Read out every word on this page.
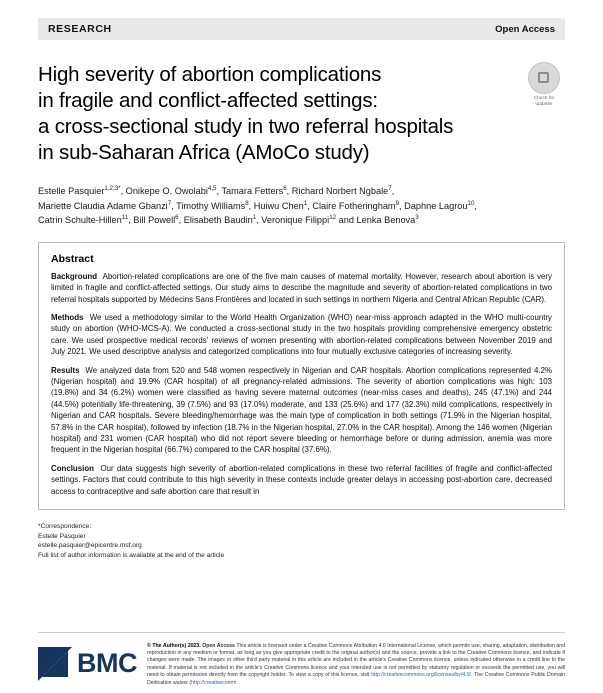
RESEARCH	Open Access
Check for
updates
High severity of abortion complications
in fragile and conflict-affected settings:
a cross-sectional study in two referral hospitals
in sub-Saharan Africa (AMoCo study)
Estelle Pasquier$^{1,2,3*}$, Onikepe O. Owolabi$^{4,5}$, Tamara Fetters$^6$, Richard Norbert Ngbale$^7$,
Mariette Claudia Adame Gbanzi$^7$, Timothy Williams$^8$, Huiwu Chen$^1$, Claire Fotheringham$^9$, Daphne Lagrou$^{10}$,
Catrin Schulte-Hillen$^{11}$, Bill Powell$^6$, Elisabeth Baudin$^1$, Veronique Filippi$^{12}$ and Lenka Benova$^3$
Abstract

Background  Abortion-related complications are one of the five main causes of maternal mortality. However, research about abortion is very limited in fragile and conflict-affected settings. Our study aims to describe the magnitude and severity of abortion-related complications in two referral hospitals supported by Médecins Sans Frontières and located in such settings in northern Nigeria and Central African Republic (CAR).

Methods  We used a methodology similar to the World Health Organization (WHO) near-miss approach adapted in the WHO multi-country study on abortion (WHO-MCS-A). We conducted a cross-sectional study in the two hospitals providing comprehensive emergency obstetric care. We used prospective medical records' reviews of women presenting with abortion-related complications between November 2019 and July 2021. We used descriptive analysis and categorized complications into four mutually exclusive categories of increasing severity.

Results  We analyzed data from 520 and 548 women respectively in Nigerian and CAR hospitals. Abortion complications represented 4.2% (Nigerian hospital) and 19.9% (CAR hospital) of all pregnancy-related admissions. The severity of abortion complications was high: 103 (19.8%) and 34 (6.2%) women were classified as having severe maternal outcomes (near-miss cases and deaths), 245 (47.1%) and 244 (44.5%) potentially life-threatening, 39 (7.5%) and 93 (17.0%) moderate, and 133 (25.6%) and 177 (32.3%) mild complications, respectively in Nigerian and CAR hospitals. Severe bleeding/hemorrhage was the main type of complication in both settings (71.9% in the Nigerian hospital, 57.8% in the CAR hospital), followed by infection (18.7% in the Nigerian hospital, 27.0% in the CAR hospital). Among the 146 women (Nigerian hospital) and 231 women (CAR hospital) who did not report severe bleeding or hemorrhage before or during admission, anemia was more frequent in the Nigerian hospital (66.7%) compared to the CAR hospital (37.6%).

Conclusion  Our data suggests high severity of abortion-related complications in these two referral facilities of fragile and conflict-affected settings. Factors that could contribute to this high severity in these contexts include greater delays in accessing post-abortion care, decreased access to contraceptive and safe abortion care that result in

*Correspondence:
Estelle Pasquier
estelle.pasquier@epicentre.msf.org
Full list of author information is available at the end of the article
BMC
© The Author(s) 2023. Open Access This article is licensed under a Creative Commons Attribution 4.0 International License, which permits use, sharing, adaptation, distribution and reproduction in any medium or format, as long as you give appropriate credit to the original author(s) and the source, provide a link to the Creative Commons licence, and indicate if changes were made. The images or other third party material in this article are included in the article's Creative Commons licence, unless indicated otherwise in a credit line to the material. If material is not included in the article's Creative Commons licence and your intended use is not permitted by statutory regulation or exceeds the permitted use, you will need to obtain permission directly from the copyright holder. To view a copy of this licence, visit http://creativecommons.org/licenses/by/4.0/. The Creative Commons Public Domain Dedication waiver (http://creativecomm
